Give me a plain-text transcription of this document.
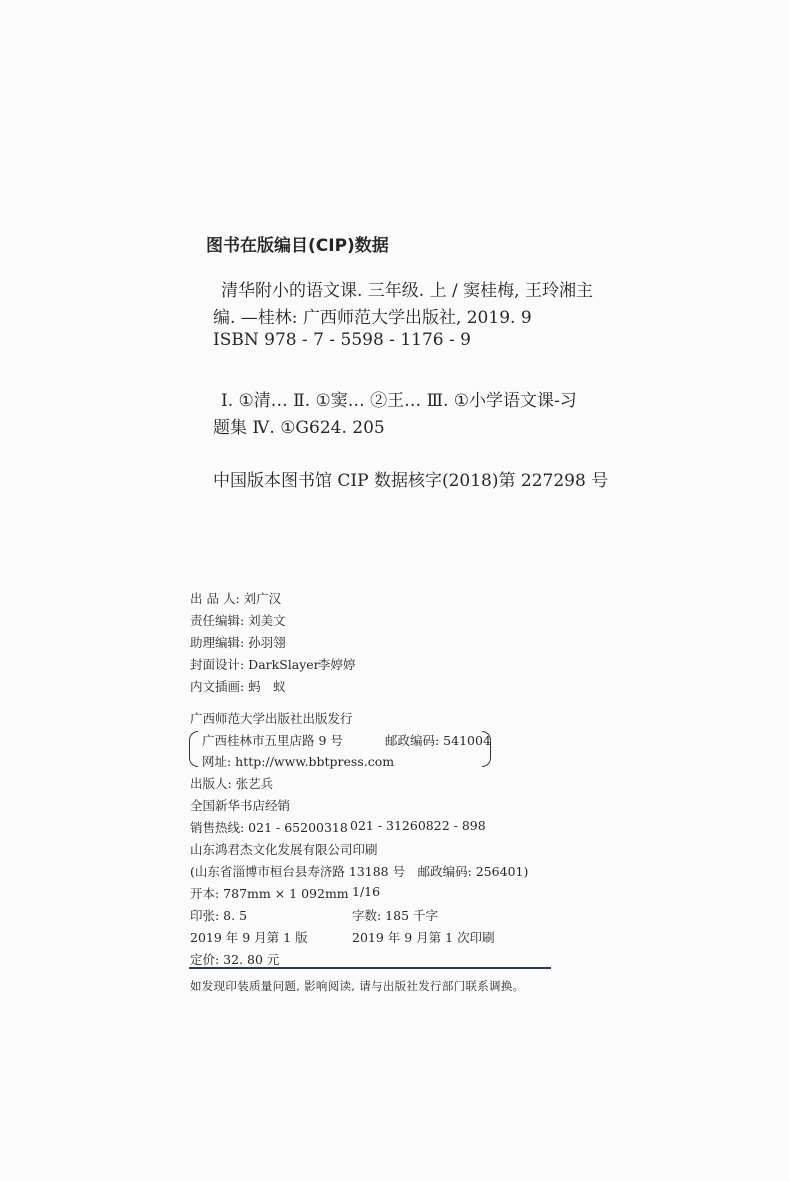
图书在版编目(CIP)数据
清华附小的语文课. 三年级. 上 / 窦桂梅, 王玲湘主
编. —桂林: 广西师范大学出版社, 2019. 9
ISBN 978 - 7 - 5598 - 1176 - 9
Ⅰ. ①清… Ⅱ. ①窦… ②王… Ⅲ. ①小学语文课-习
题集 Ⅳ. ①G624. 205
中国版本图书馆 CIP 数据核字(2018)第 227298 号
出 品 人: 刘广汉
责任编辑: 刘美文
助理编辑: 孙羽翎
封面设计: DarkSlayer
李婷婷
内文插画: 蚂　蚁
广西师范大学出版社出版发行
广西桂林市五里店路 9 号	邮政编码: 541004
网址: http://www.bbtpress.com
出版人: 张艺兵
全国新华书店经销
销售热线: 021 - 65200318 021 - 31260822 - 898
山东鸿君杰文化发展有限公司印刷
(山东省淄博市桓台县寿济路 13188 号　邮政编码: 256401)
开本: 787mm × 1 092mm 1/16
印张: 8. 5	字数: 185 千字
2019 年 9 月第 1 版	2019 年 9 月第 1 次印刷
定价: 32. 80 元
如发现印装质量问题, 影响阅读, 请与出版社发行部门联系调换。
